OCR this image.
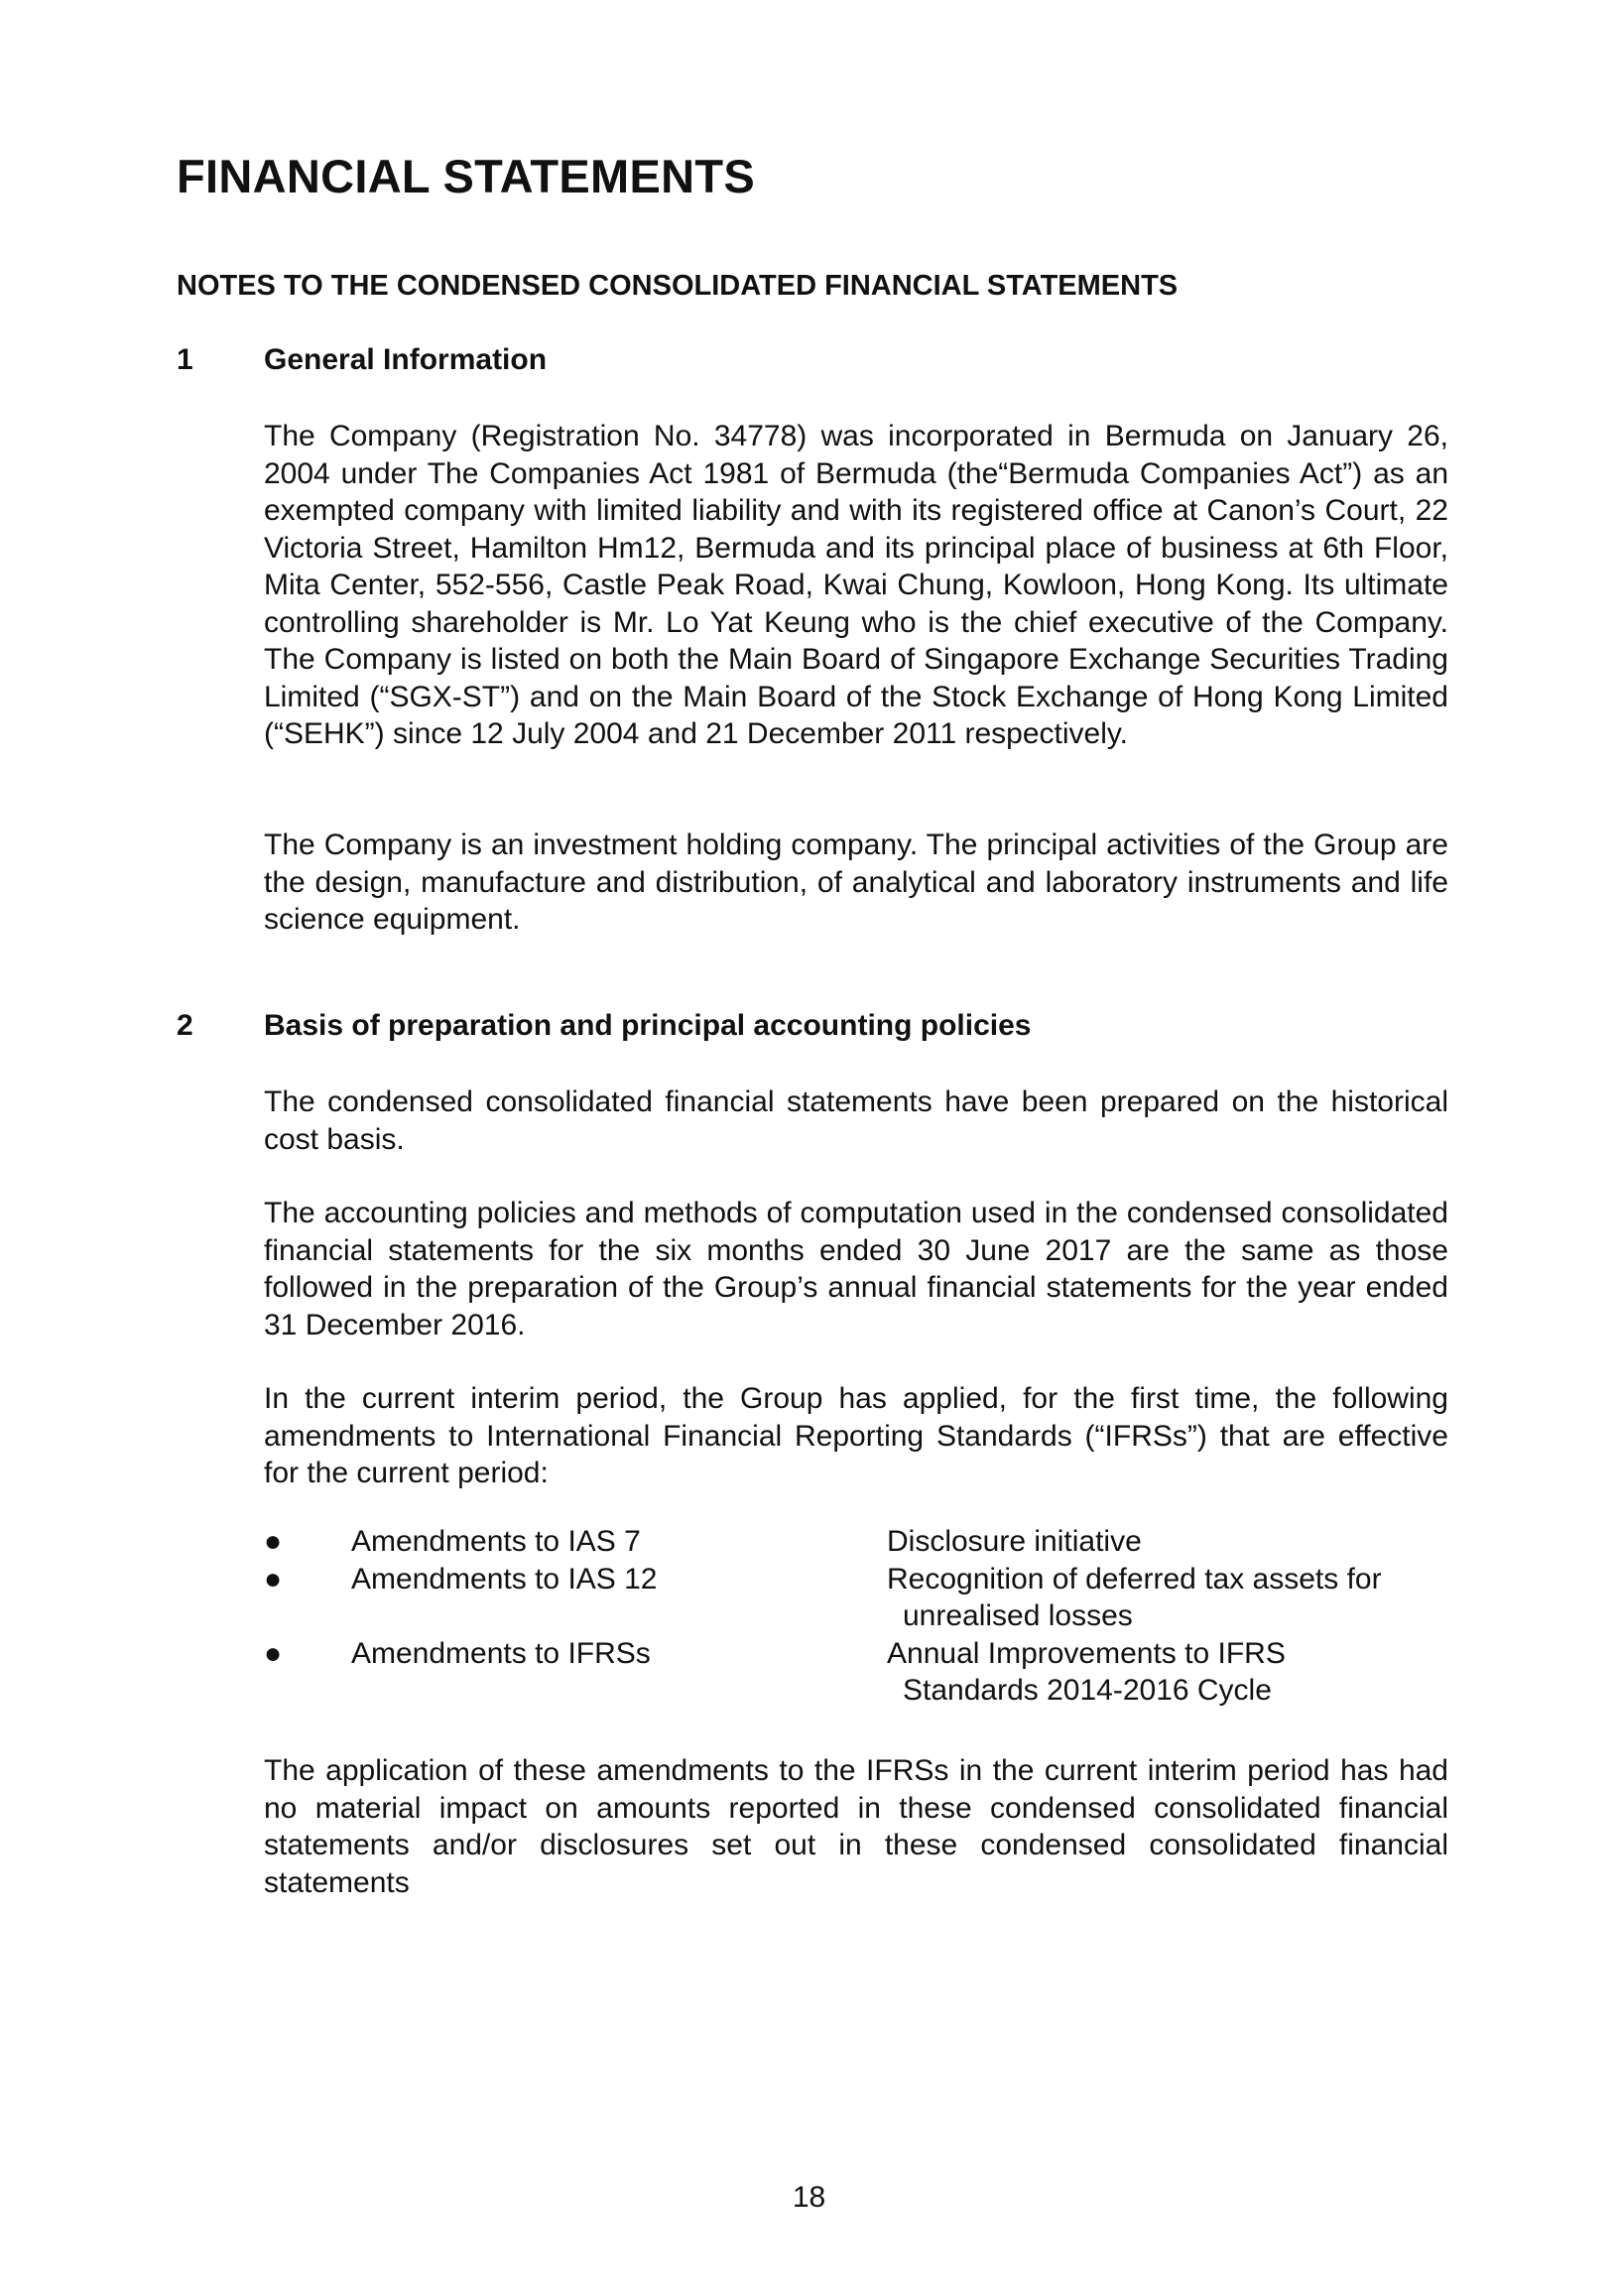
FINANCIAL STATEMENTS
NOTES TO THE CONDENSED CONSOLIDATED FINANCIAL STATEMENTS
1 General Information

The Company (Registration No. 34778) was incorporated in Bermuda on January 26, 2004 under The Companies Act 1981 of Bermuda (the“Bermuda Companies Act”) as an exempted company with limited liability and with its registered office at Canon’s Court, 22 Victoria Street, Hamilton Hm12, Bermuda and its principal place of business at 6th Floor, Mita Center, 552-556, Castle Peak Road, Kwai Chung, Kowloon, Hong Kong. Its ultimate controlling shareholder is Mr. Lo Yat Keung who is the chief executive of the Company. The Company is listed on both the Main Board of Singapore Exchange Securities Trading Limited (“SGX-ST”) and on the Main Board of the Stock Exchange of Hong Kong Limited (“SEHK”) since 12 July 2004 and 21 December 2011 respectively.

The Company is an investment holding company. The principal activities of the Group are the design, manufacture and distribution, of analytical and laboratory instruments and life science equipment.

2 Basis of preparation and principal accounting policies

The condensed consolidated financial statements have been prepared on the historical cost basis.

The accounting policies and methods of computation used in the condensed consolidated financial statements for the six months ended 30 June 2017 are the same as those followed in the preparation of the Group’s annual financial statements for the year ended 31 December 2016.

In the current interim period, the Group has applied, for the first time, the following amendments to International Financial Reporting Standards (“IFRSs”) that are effective for the current period:

● Amendments to IAS 7	Disclosure initiative
● Amendments to IAS 12	Recognition of deferred tax assets for
unrealised losses
● Amendments to IFRSs	Annual Improvements to IFRS
Standards 2014-2016 Cycle

The application of these amendments to the IFRSs in the current interim period has had no material impact on amounts reported in these condensed consolidated financial statements and/or disclosures set out in these condensed consolidated financial statements

18
